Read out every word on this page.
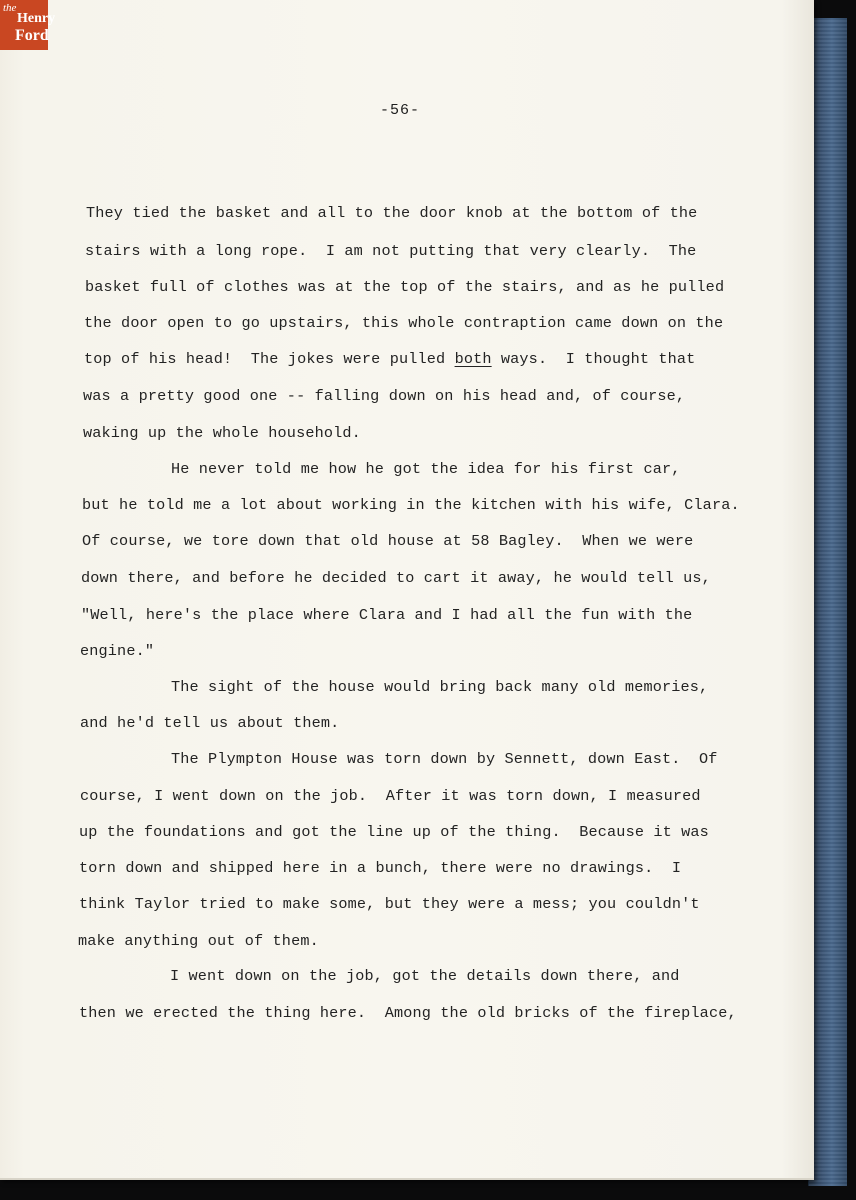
the
Henry
Ford
-56-
They tied the basket and all to the door knob at the bottom of the
stairs with a long rope.  I am not putting that very clearly.  The
basket full of clothes was at the top of the stairs, and as he pulled
the door open to go upstairs, this whole contraption came down on the
top of his head!  The jokes were pulled both ways.  I thought that
was a pretty good one -- falling down on his head and, of course,
waking up the whole household.
He never told me how he got the idea for his first car,
but he told me a lot about working in the kitchen with his wife, Clara.
Of course, we tore down that old house at 58 Bagley.  When we were
down there, and before he decided to cart it away, he would tell us,
"Well, here's the place where Clara and I had all the fun with the
engine."
The sight of the house would bring back many old memories,
and he'd tell us about them.
The Plympton House was torn down by Sennett, down East.  Of
course, I went down on the job.  After it was torn down, I measured
up the foundations and got the line up of the thing.  Because it was
torn down and shipped here in a bunch, there were no drawings.  I
think Taylor tried to make some, but they were a mess; you couldn't
make anything out of them.
I went down on the job, got the details down there, and
then we erected the thing here.  Among the old bricks of the fireplace,
